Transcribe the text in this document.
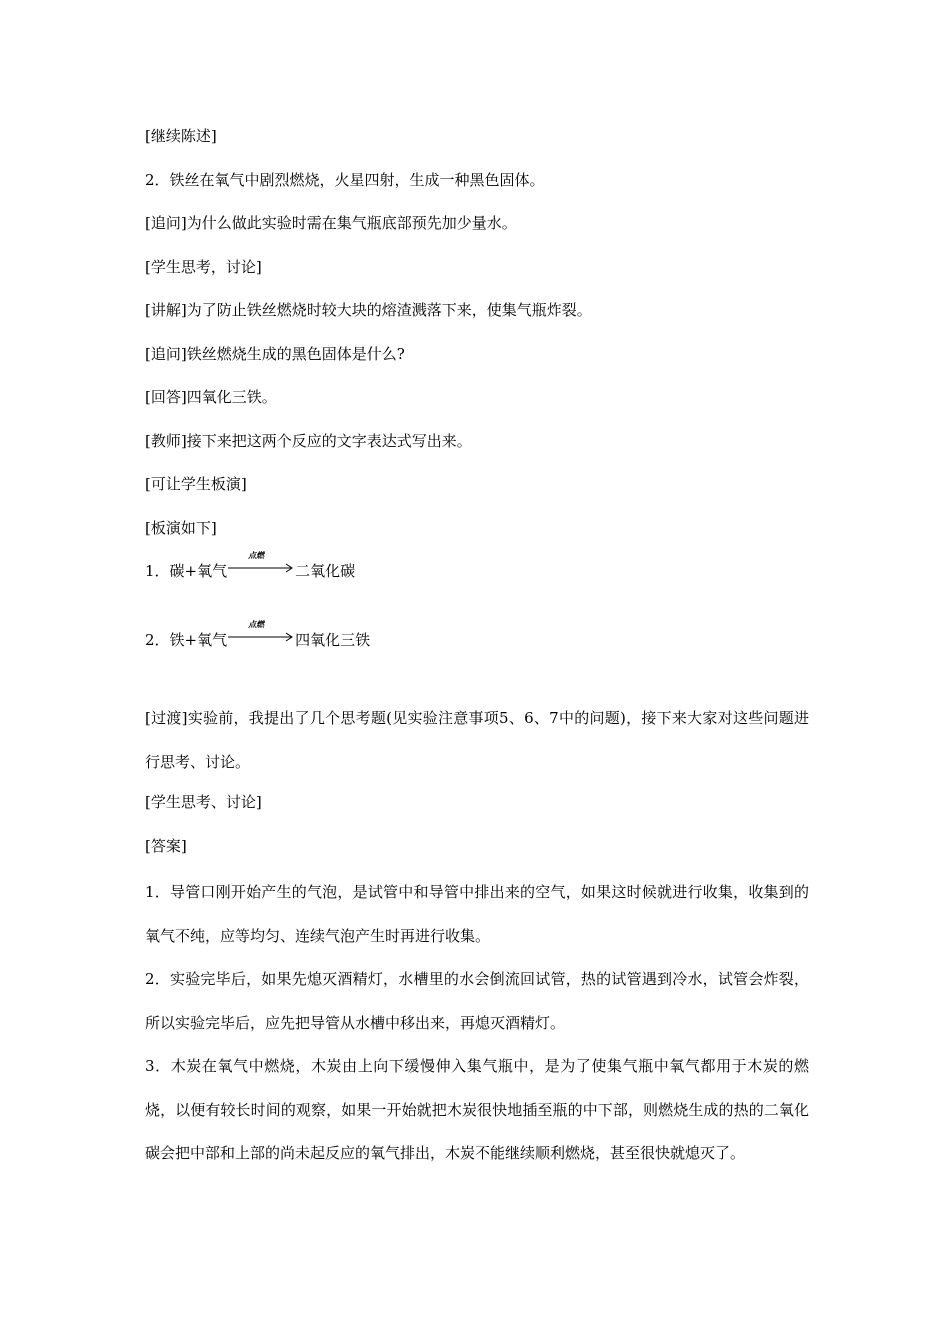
[继续陈述]

2．铁丝在氧气中剧烈燃烧，火星四射，生成一种黑色固体。

[追问]为什么做此实验时需在集气瓶底部预先加少量水。

[学生思考，讨论]

[讲解]为了防止铁丝燃烧时较大块的熔渣溅落下来，使集气瓶炸裂。

[追问]铁丝燃烧生成的黑色固体是什么?

[回答]四氧化三铁。

[教师]接下来把这两个反应的文字表达式写出来。

[可让学生板演]

[板演如下]

1．碳+氧气
点燃
二氧化碳

2．铁+氧气
点燃
四氧化三铁

[过渡]实验前，我提出了几个思考题(见实验注意事项5、6、7中的问题)，接下来大家对这些问题进行思考、讨论。

[学生思考、讨论]

[答案]

1．导管口刚开始产生的气泡，是试管中和导管中排出来的空气，如果这时候就进行收集，收集到的氧气不纯，应等均匀、连续气泡产生时再进行收集。

2．实验完毕后，如果先熄灭酒精灯，水槽里的水会倒流回试管，热的试管遇到冷水，试管会炸裂，所以实验完毕后，应先把导管从水槽中移出来，再熄灭酒精灯。

3．木炭在氧气中燃烧，木炭由上向下缓慢伸入集气瓶中，是为了使集气瓶中氧气都用于木炭的燃烧，以便有较长时间的观察，如果一开始就把木炭很快地插至瓶的中下部，则燃烧生成的热的二氧化碳会把中部和上部的尚未起反应的氧气排出，木炭不能继续顺利燃烧，甚至很快就熄灭了。
